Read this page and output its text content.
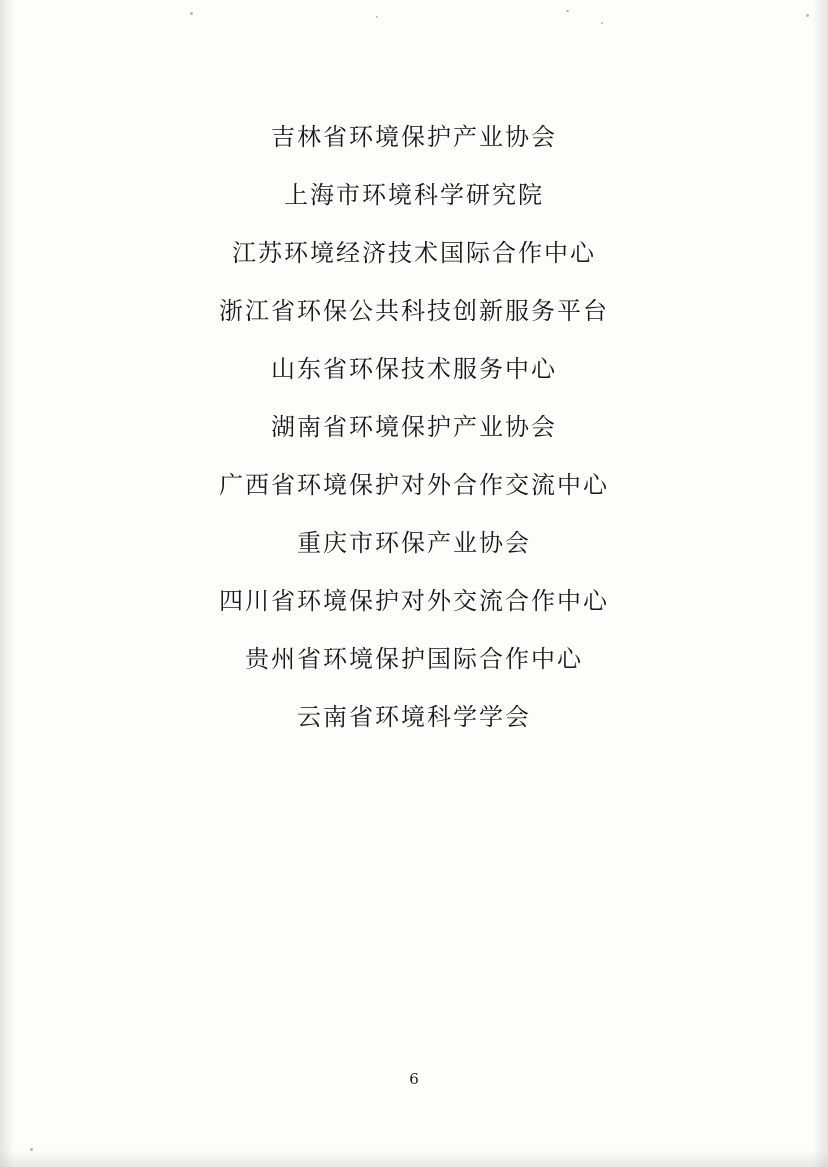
吉林省环境保护产业协会
上海市环境科学研究院
江苏环境经济技术国际合作中心
浙江省环保公共科技创新服务平台
山东省环保技术服务中心
湖南省环境保护产业协会
广西省环境保护对外合作交流中心
重庆市环保产业协会
四川省环境保护对外交流合作中心
贵州省环境保护国际合作中心
云南省环境科学学会
6
